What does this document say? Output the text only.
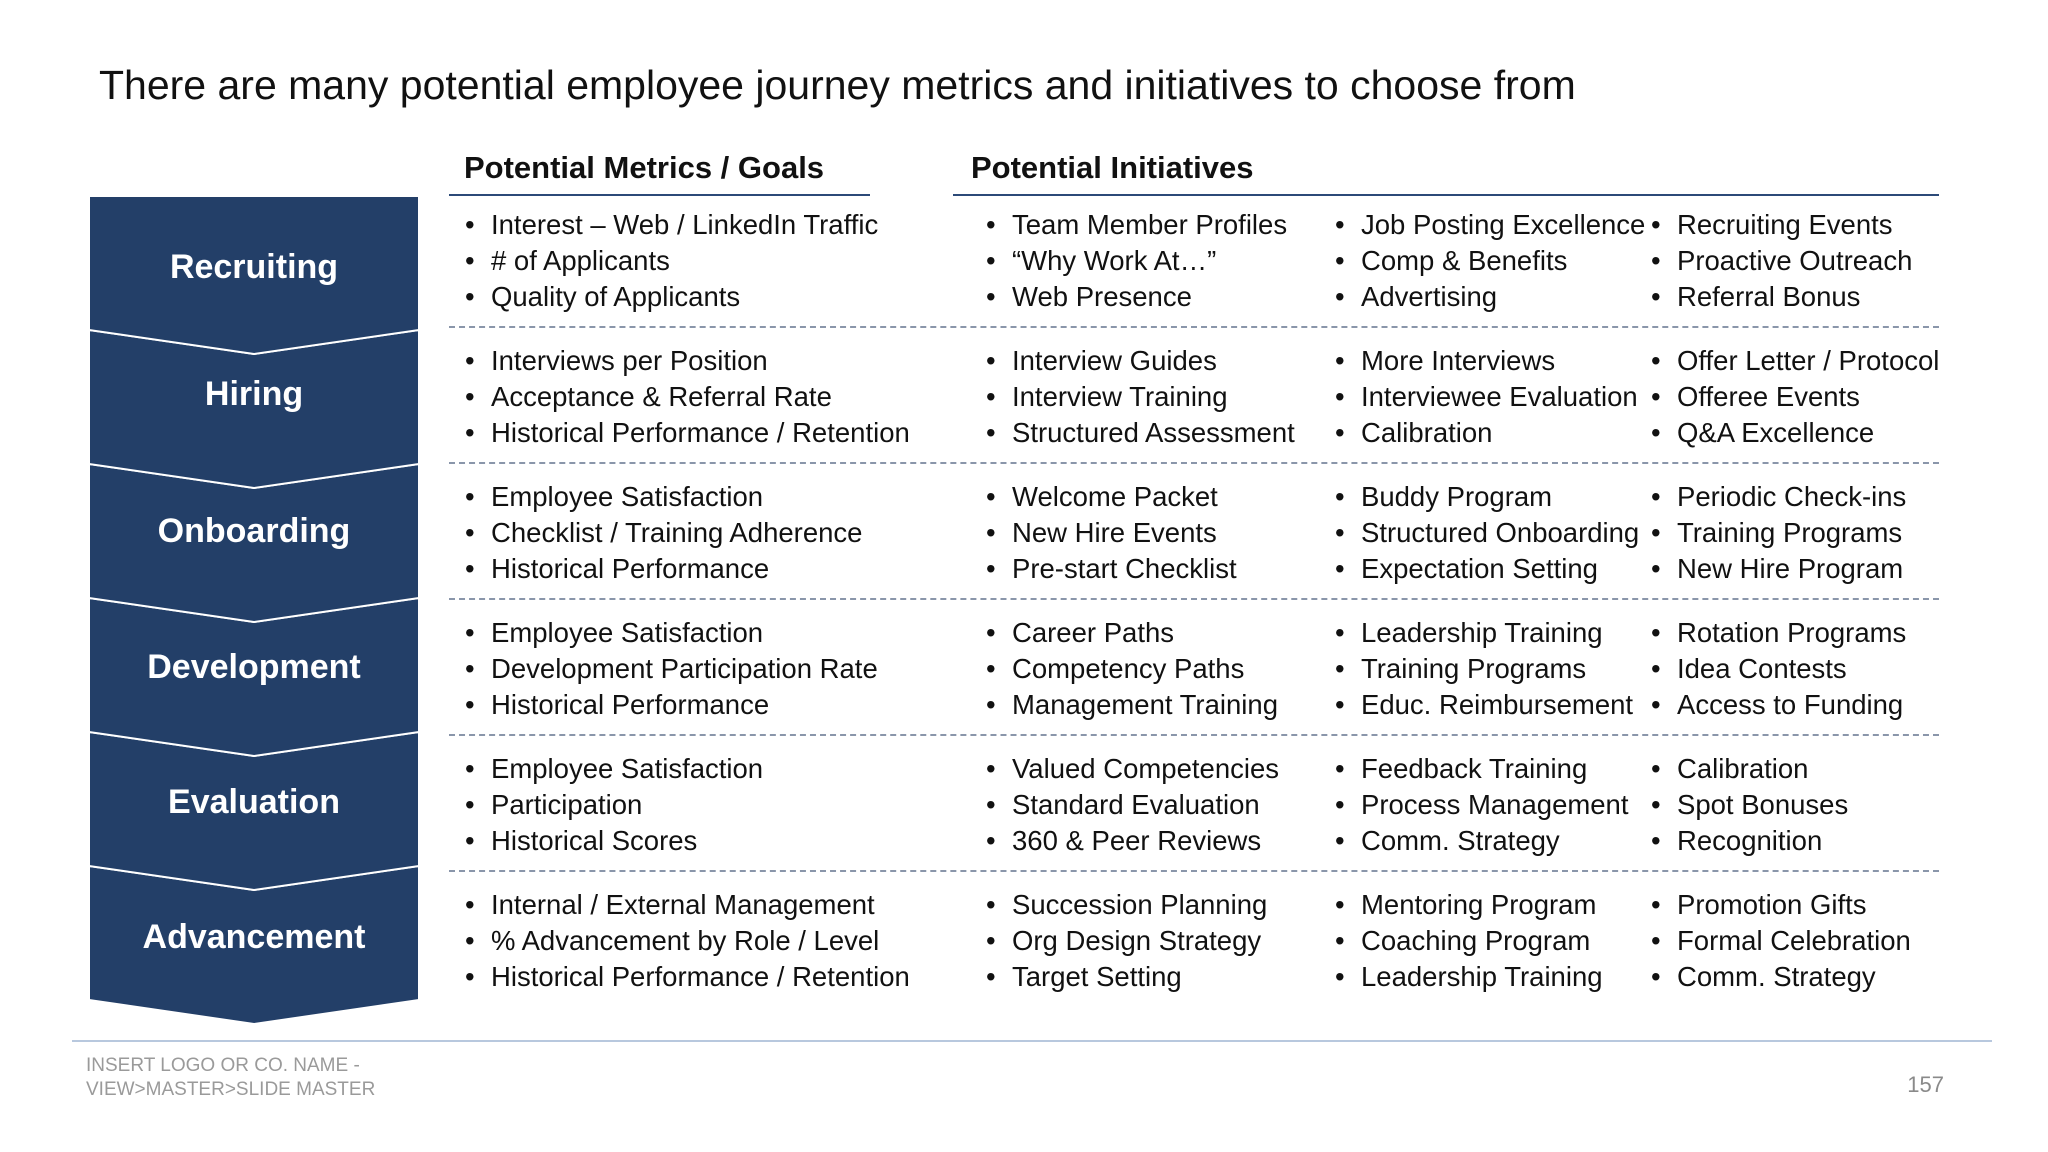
There are many potential employee journey metrics and initiatives to choose from
Potential Metrics / Goals	Potential Initiatives
Recruiting
Hiring
Onboarding
Development
Evaluation
Advancement
• Interest – Web / LinkedIn Traffic
• # of Applicants
• Quality of Applicants
• Team Member Profiles
• “Why Work At…”
• Web Presence
• Job Posting Excellence
• Comp & Benefits
• Advertising
• Recruiting Events
• Proactive Outreach
• Referral Bonus
• Interviews per Position
• Acceptance & Referral Rate
• Historical Performance / Retention
• Interview Guides
• Interview Training
• Structured Assessment
• More Interviews
• Interviewee Evaluation
• Calibration
• Offer Letter / Protocol
• Offeree Events
• Q&A Excellence
• Employee Satisfaction
• Checklist / Training Adherence
• Historical Performance
• Welcome Packet
• New Hire Events
• Pre-start Checklist
• Buddy Program
• Structured Onboarding
• Expectation Setting
• Periodic Check-ins
• Training Programs
• New Hire Program
• Employee Satisfaction
• Development Participation Rate
• Historical Performance
• Career Paths
• Competency Paths
• Management Training
• Leadership Training
• Training Programs
• Educ. Reimbursement
• Rotation Programs
• Idea Contests
• Access to Funding
• Employee Satisfaction
• Participation
• Historical Scores
• Valued Competencies
• Standard Evaluation
• 360 & Peer Reviews
• Feedback Training
• Process Management
• Comm. Strategy
• Calibration
• Spot Bonuses
• Recognition
• Internal / External Management
• % Advancement by Role / Level
• Historical Performance / Retention
• Succession Planning
• Org Design Strategy
• Target Setting
• Mentoring Program
• Coaching Program
• Leadership Training
• Promotion Gifts
• Formal Celebration
• Comm. Strategy
INSERT LOGO OR CO. NAME -
VIEW>MASTER>SLIDE MASTER	157
